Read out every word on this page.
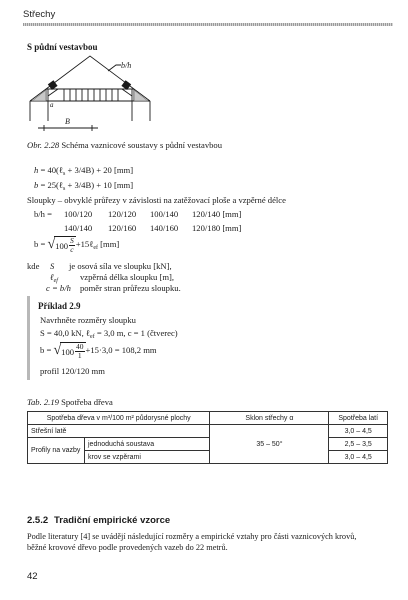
Střechy
S půdní vestavbou
b/h
a
B
Obr. 2.28 Schéma vaznicové soustavy s půdní vestavbou
h = 40(ℓ$_s$ + 3/4B) + 20 [mm]
b = 25(ℓ$_s$ + 3/4B) + 10 [mm]
Sloupky – obvyklé průřezy v závislosti na zatěžovací ploše a vzpěrné délce
b/h = 100/120 120/120 100/140 120/140 [mm]
140/140 120/160 140/160 120/180 [mm]
b = √ $100 \frac{S}{c}$ +15ℓ$_{ef}$ [mm]
kde S je osová síla ve sloupku [kN],
ℓ$_{ef}$	vzpěrná délka sloupku [m],
c = b/h poměr stran průřezu sloupku.
Příklad 2.9
Navrhněte rozměry sloupku
S = 40,0 kN, ℓ$_{ef}$ = 3,0 m, c = 1 (čtverec)
b = √ $100 \frac{40}{1} +15\cdot 3,0 = 108,2$ mm
profil 120/120 mm
Tab. 2.19 Spotřeba dřeva
Spotřeba dřeva v m³/100 m² půdorysné plochy		Sklon střechy α	Spotřeba latí
Střešní latě		35 – 50°	3,0 – 4,5
Profily na vazby	jednoduchá soustava		2,5 – 3,5
	krov se vzpěrami		3,0 – 4,5
2.5.2 Tradiční empirické vzorce
Podle literatury [4] se uvádějí následující rozměry a empirické vztahy pro části vaznicových krovů,
běžné krovové dřevo podle provedených vazeb do 22 metrů.
42
